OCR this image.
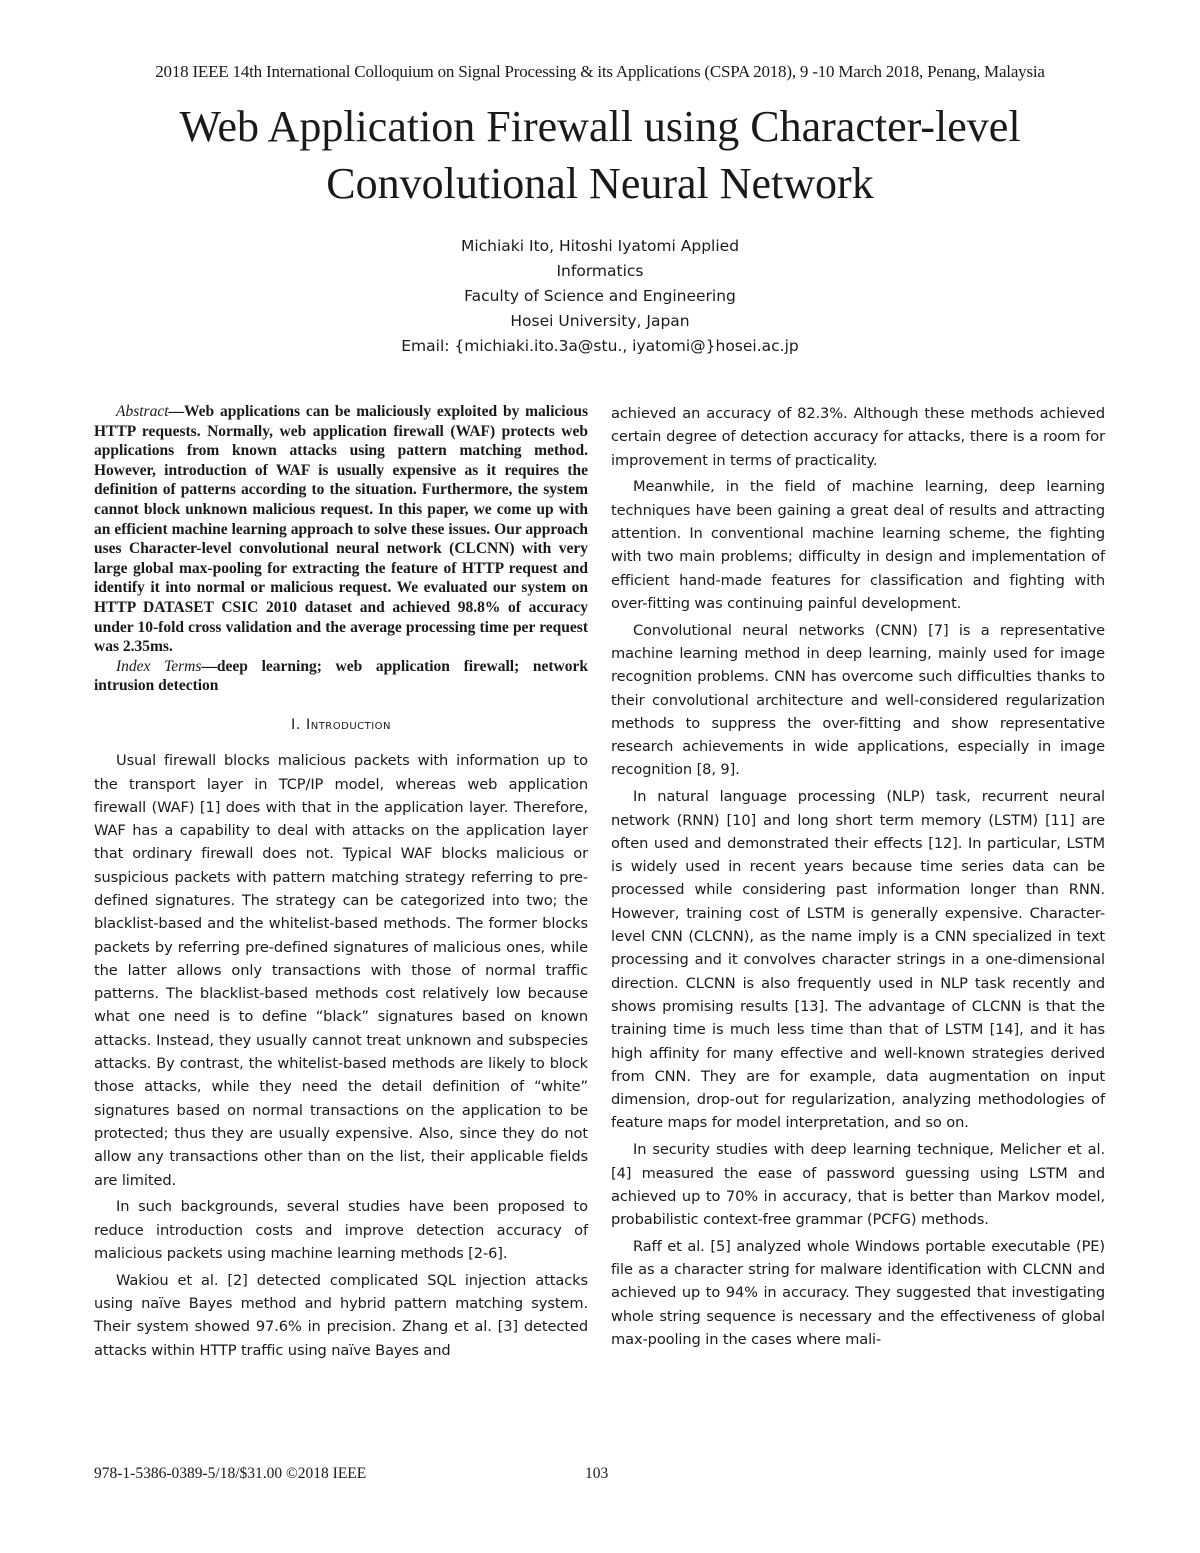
2018 IEEE 14th International Colloquium on Signal Processing & its Applications (CSPA 2018), 9 -10 March 2018, Penang, Malaysia
Web Application Firewall using Character-level
Convolutional Neural Network
Michiaki Ito, Hitoshi Iyatomi Applied
Informatics
Faculty of Science and Engineering
Hosei University, Japan
Email: {michiaki.ito.3a@stu., iyatomi@}hosei.ac.jp

Abstract—Web applications can be maliciously exploited by malicious HTTP requests. Normally, web application firewall (WAF) protects web applications from known attacks using pattern matching method. However, introduction of WAF is usually expensive as it requires the definition of patterns according to the situation. Furthermore, the system cannot block unknown malicious request. In this paper, we come up with an efficient machine learning approach to solve these issues. Our approach uses Character-level convolutional neural network (CLCNN) with very large global max-pooling for extracting the feature of HTTP request and identify it into normal or malicious request. We evaluated our system on HTTP DATASET CSIC 2010 dataset and achieved 98.8% of accuracy under 10-fold cross validation and the average processing time per request was 2.35ms.

Index Terms—deep learning; web application firewall; network intrusion detection

I. Introduction

Usual firewall blocks malicious packets with information up to the transport layer in TCP/IP model, whereas web application firewall (WAF) [1] does with that in the application layer. Therefore, WAF has a capability to deal with attacks on the application layer that ordinary firewall does not. Typical WAF blocks malicious or suspicious packets with pattern matching strategy referring to pre-defined signatures. The strategy can be categorized into two; the blacklist-based and the whitelist-based methods. The former blocks packets by referring pre-defined signatures of malicious ones, while the latter allows only transactions with those of normal traffic patterns. The blacklist-based methods cost relatively low because what one need is to define “black” signatures based on known attacks. Instead, they usually cannot treat unknown and subspecies attacks. By contrast, the whitelist-based methods are likely to block those attacks, while they need the detail definition of “white” signatures based on normal transactions on the application to be protected; thus they are usually expensive. Also, since they do not allow any transactions other than on the list, their applicable fields are limited.

In such backgrounds, several studies have been proposed to reduce introduction costs and improve detection accuracy of malicious packets using machine learning methods [2-6].

Wakiou et al. [2] detected complicated SQL injection attacks using naïve Bayes method and hybrid pattern matching system. Their system showed 97.6% in precision. Zhang et al. [3] detected attacks within HTTP traffic using naïve Bayes and

achieved an accuracy of 82.3%. Although these methods achieved certain degree of detection accuracy for attacks, there is a room for improvement in terms of practicality.

Meanwhile, in the field of machine learning, deep learning techniques have been gaining a great deal of results and attracting attention. In conventional machine learning scheme, the fighting with two main problems; difficulty in design and implementation of efficient hand-made features for classification and fighting with over-fitting was continuing painful development.

Convolutional neural networks (CNN) [7] is a representative machine learning method in deep learning, mainly used for image recognition problems. CNN has overcome such difficulties thanks to their convolutional architecture and well-considered regularization methods to suppress the over-fitting and show representative research achievements in wide applications, especially in image recognition [8, 9].

In natural language processing (NLP) task, recurrent neural network (RNN) [10] and long short term memory (LSTM) [11] are often used and demonstrated their effects [12]. In particular, LSTM is widely used in recent years because time series data can be processed while considering past information longer than RNN. However, training cost of LSTM is generally expensive. Character-level CNN (CLCNN), as the name imply is a CNN specialized in text processing and it convolves character strings in a one-dimensional direction. CLCNN is also frequently used in NLP task recently and shows promising results [13]. The advantage of CLCNN is that the training time is much less time than that of LSTM [14], and it has high affinity for many effective and well-known strategies derived from CNN. They are for example, data augmentation on input dimension, drop-out for regularization, analyzing methodologies of feature maps for model interpretation, and so on.

In security studies with deep learning technique, Melicher et al. [4] measured the ease of password guessing using LSTM and achieved up to 70% in accuracy, that is better than Markov model, probabilistic context-free grammar (PCFG) methods.

Raff et al. [5] analyzed whole Windows portable executable (PE) file as a character string for malware identification with CLCNN and achieved up to 94% in accuracy. They suggested that investigating whole string sequence is necessary and the effectiveness of global max-pooling in the cases where mali-

978-1-5386-0389-5/18/$31.00 ©2018 IEEE	103
